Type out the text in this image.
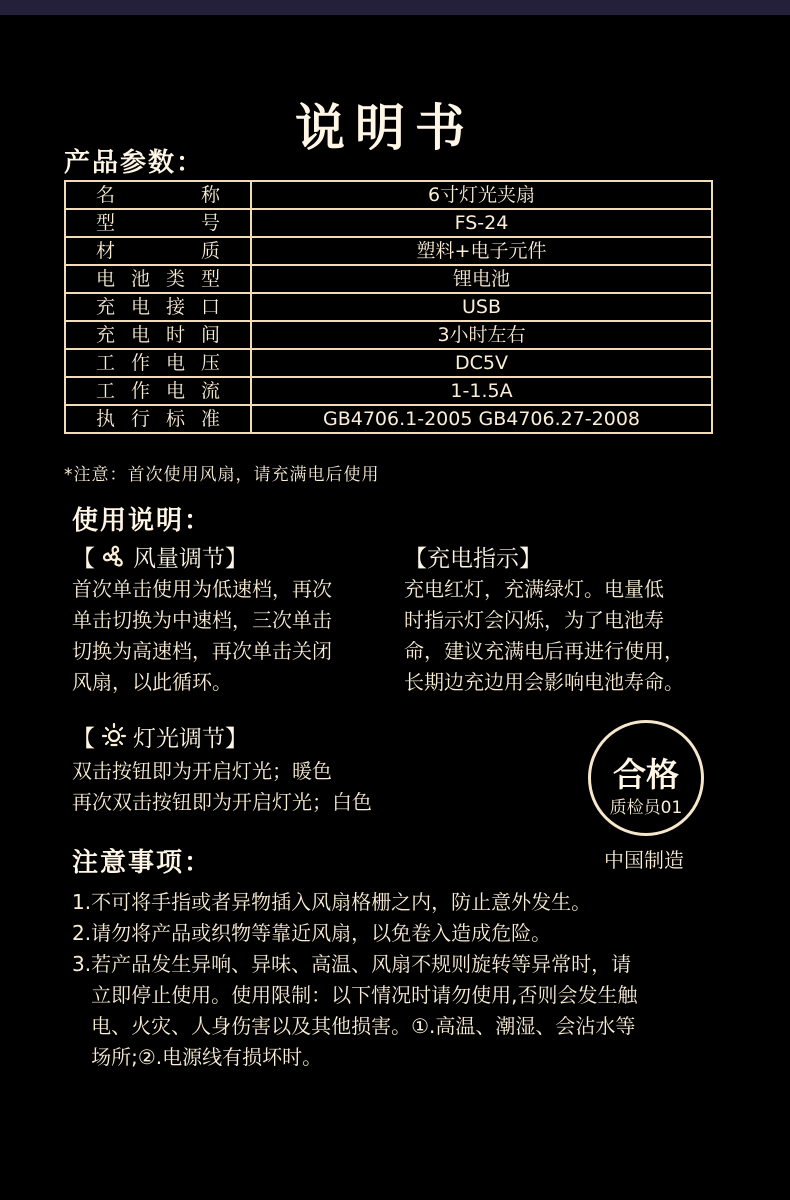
说明书
产品参数：
名称	6寸灯光夹扇
型号	FS-24
材质	塑料+电子元件
电池类型	锂电池
充电接口	USB
充电时间	3小时左右
工作电压	DC5V
工作电流	1-1.5A
执行标准	GB4706.1-2005 GB4706.27-2008
*注意：首次使用风扇，请充满电后使用
使用说明：
【 风量调节 】
首次单击使用为低速档，再次
单击切换为中速档，三次单击
切换为高速档，再次单击关闭
风扇，以此循环。
【充电指示】
充电红灯，充满绿灯。电量低
时指示灯会闪烁，为了电池寿
命，建议充满电后再进行使用，
长期边充边用会影响电池寿命。
【 灯光调节 】
双击按钮即为开启灯光；暖色
再次双击按钮即为开启灯光；白色
合格
质检员01
中国制造
注意事项：
1. 不可将手指或者异物插入风扇格栅之内，防止意外发生。
2. 请勿将产品或织物等靠近风扇，以免卷入造成危险。
3. 若产品发生异响、异味、高温、风扇不规则旋转等异常时，请
立即停止使用。使用限制：以下情况时请勿使用,否则会发生触
电、火灾、人身伤害以及其他损害。①.高温、潮湿、会沾水等
场所;②.电源线有损坏时。
